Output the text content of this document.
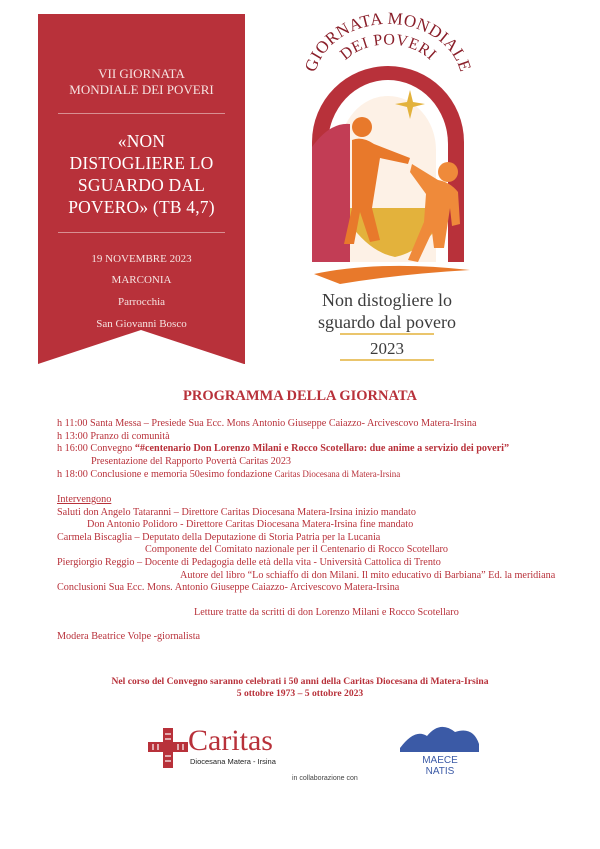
VII GIORNATA
MONDIALE DEI POVERI
«NON
DISTOGLIERE LO
SGUARDO DAL
POVERO» (TB 4,7)
19 NOVEMBRE 2023
MARCONIA
Parrocchia
San Giovanni Bosco
GIORNATA MONDIALE
DEI POVERI
Non distogliere lo
sguardo dal povero
2023
PROGRAMMA DELLA GIORNATA
h 11:00 Santa Messa – Presiede Sua Ecc. Mons Antonio Giuseppe Caiazzo- Arcivescovo Matera-Irsina
h 13:00 Pranzo di comunità
h 16:00 Convegno “#centenario Don Lorenzo Milani e Rocco Scotellaro: due anime a servizio dei poveri”
Presentazione del Rapporto Povertà Caritas 2023
h 18:00 Conclusione e memoria 50esimo fondazione Caritas Diocesana di Matera-Irsina
Intervengono
Saluti don Angelo Tataranni – Direttore Caritas Diocesana Matera-Irsina inizio mandato
Don Antonio Polidoro - Direttore Caritas Diocesana Matera-Irsina fine mandato
Carmela Biscaglia – Deputato della Deputazione di Storia Patria per la Lucania
Componente del Comitato nazionale per il Centenario di Rocco Scotellaro
Piergiorgio Reggio – Docente di Pedagogia delle età della vita - Università Cattolica di Trento
Autore del libro “Lo schiaffo di don Milani. Il mito educativo di Barbiana” Ed. la meridiana
Conclusioni Sua Ecc. Mons. Antonio Giuseppe Caiazzo- Arcivescovo Matera-Irsina
Letture tratte da scritti di don Lorenzo Milani e Rocco Scotellaro
Modera Beatrice Volpe -giornalista
Nel corso del Convegno saranno celebrati i 50 anni della Caritas Diocesana di Matera-Irsina
5 ottobre 1973 – 5 ottobre 2023
Caritas
Diocesana Matera - Irsina
in collaborazione con
MAECE
NATIS
